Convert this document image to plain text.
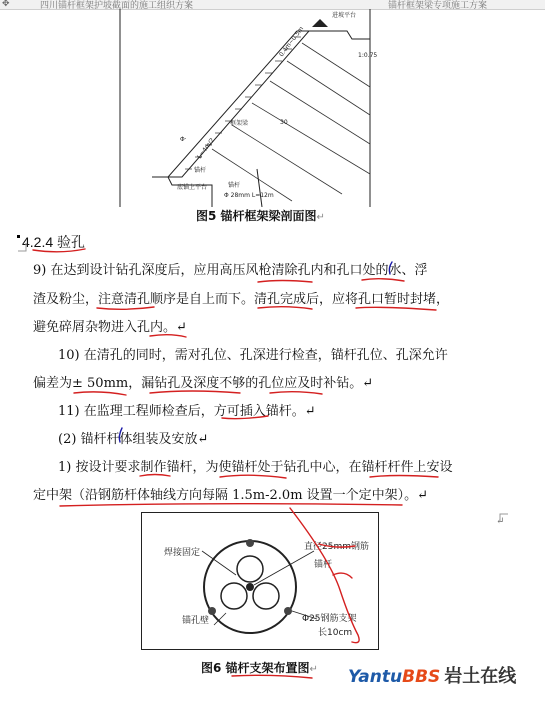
✥	四川锚杆框架护坡截面的施工组织方案	锚杆框架梁专项施工方案
进坡平台
0.4m~0.5m
L=4m/2
Φ·
框架梁
锚杆
30
1:0.75
底锚上平台	锚杆
Φ 28mm L=12m
图5 锚杆框架梁剖面图↵
4.2.4 验孔
9) 在达到设计钻孔深度后，应用高压风枪清除孔内和孔口处的水、浮
渣及粉尘，注意清孔顺序是自上而下。清孔完成后，应将孔口暂时封堵，
避免碎屑杂物进入孔内。↵
10) 在清孔的同时，需对孔位、孔深进行检查，锚杆孔位、孔深允许
偏差为± 50mm，漏钻孔及深度不够的孔位应及时补钻。↵
11) 在监理工程师检查后，方可插入锚杆。↵
(2) 锚杆杆体组装及安放↵
1) 按设计要求制作锚杆，为使锚杆处于钻孔中心，在锚杆杆件上安设
定中架（沿钢筋杆体轴线方向每隔 1.5m-2.0m 设置一个定中架）。↵
↵
焊接固定
直径25mm钢筋
锚杆
锚孔壁	Φ25钢筋支架
长10cm
图6 锚杆支架布置图↵ YantuBBS 岩土在线
